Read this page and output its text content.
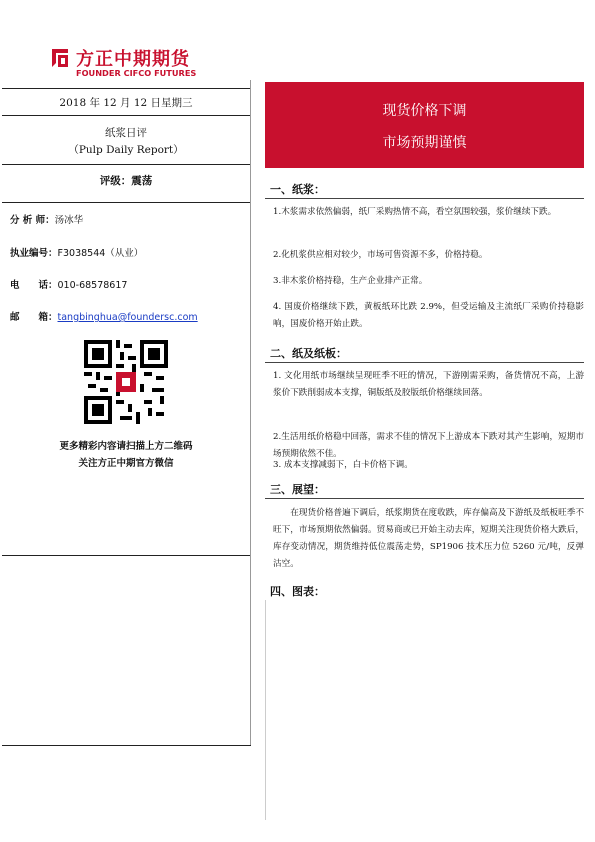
方正中期期货
FOUNDER CIFCO FUTURES
2018 年 12 月 12 日星期三
纸浆日评
（Pulp Daily Report）
评级：震荡
分 析 师：汤冰华
执业编号：F3038544（从业）
电　　话：010-68578617
邮　　箱：tangbinghua@foundersc.com
更多精彩内容请扫描上方二维码
关注方正中期官方微信
现货价格下调
市场预期谨慎
一、纸浆：
1.木浆需求依然偏弱，纸厂采购热情不高，看空氛围较强，浆价继续下跌。
2.化机浆供应相对较少，市场可售资源不多，价格持稳。
3.非木浆价格持稳，生产企业排产正常。
4. 国废价格继续下跌，黄板纸环比跌 2.9%，但受运输及主流纸厂采购价持稳影响，国废价格开始止跌。
二、纸及纸板：
1. 文化用纸市场继续呈现旺季不旺的情况，下游刚需采购，备货情况不高，上游浆价下跌削弱成本支撑，铜版纸及胶版纸价格继续回落。
2.生活用纸价格稳中回落，需求不佳的情况下上游成本下跌对其产生影响，短期市场预期依然不佳。
3. 成本支撑减弱下，白卡价格下调。
三、展望：
　　在现货价格普遍下调后，纸浆期货在度收跌，库存偏高及下游纸及纸板旺季不旺下，市场预期依然偏弱。贸易商或已开始主动去库，短期关注现货价格大跌后，库存变动情况，期货维持低位震荡走势，SP1906 技术压力位 5260 元/吨，反弹沽空。
四、图表：
